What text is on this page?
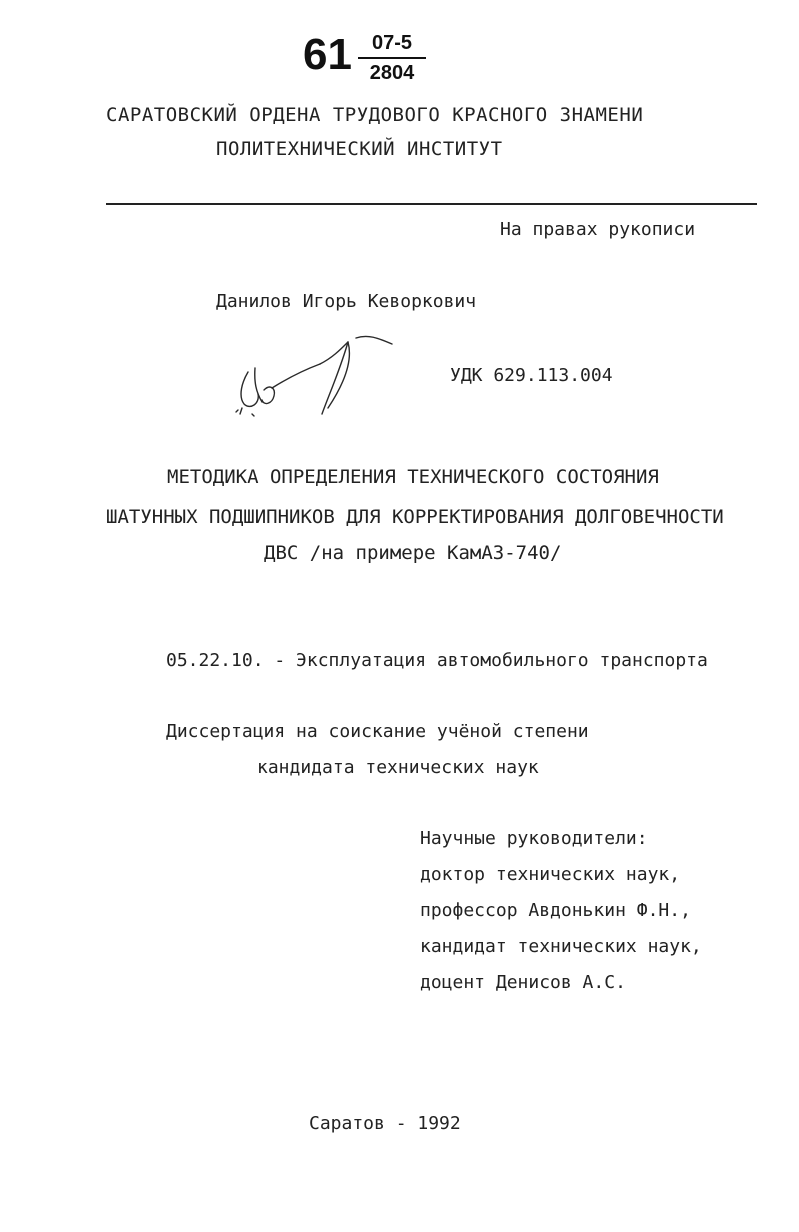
61	07-5
2804
САРАТОВСКИЙ ОРДЕНА ТРУДОВОГО КРАСНОГО ЗНАМЕНИ
ПОЛИТЕХНИЧЕСКИЙ ИНСТИТУТ
На правах рукописи
Данилов Игорь Кеворкович
УДК 629.113.004
МЕТОДИКА ОПРЕДЕЛЕНИЯ ТЕХНИЧЕСКОГО СОСТОЯНИЯ
ШАТУННЫХ ПОДШИПНИКОВ ДЛЯ КОРРЕКТИРОВАНИЯ ДОЛГОВЕЧНОСТИ
ДВС /на примере КамАЗ-740/
05.22.10. - Эксплуатация автомобильного транспорта
Диссертация на соискание учёной степени
кандидата технических наук
Научные руководители:
доктор технических наук,
профессор Авдонькин Ф.Н.,
кандидат технических наук,
доцент Денисов А.С.
Саратов - 1992
